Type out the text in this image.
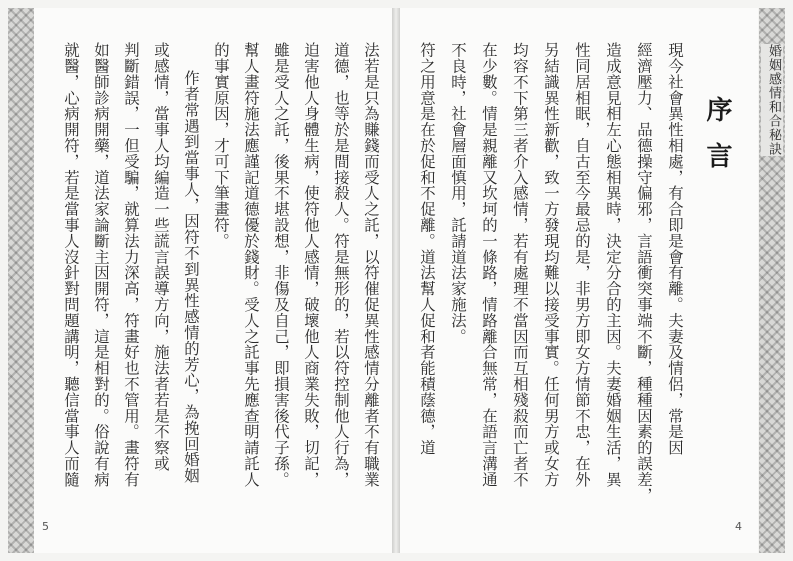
婚姻感情和合秘訣
序言
現今社會異性相處，有合即是會有離。夫妻及情侶，常是因
經濟壓力、品德操守偏邪，言語衝突事端不斷，種種因素的誤差，
造成意見相左心態相異時，決定分合的主因。夫妻婚姻生活，異
性同居相眠，自古至今最忌的是，非男方即女方情節不忠，在外
另結識異性新歡，致一方發現均難以接受事實。任何男方或女方
均容不下第三者介入感情，若有處理不當因而互相殘殺而亡者不
在少數。情是親離又坎坷的一條路，情路離合無常，在語言溝通
不良時，社會層面慎用，託請道法家施法。
符之用意是在於促和不促離。道法幫人促和者能積蔭德，道
4
法若是只為賺錢而受人之託，以符催促異性感情分離者不有職業
道德，也等於是間接殺人。符是無形的，若以符控制他人行為，
迫害他人身體生病，使符他人感情，破壞他人商業失敗，切記，
雖是受人之託，後果不堪設想，非傷及自己，即損害後代子孫。
幫人畫符施法應謹記道德優於錢財。受人之託事先應查明請託人
的事實原因，才可下筆畫符。
作者常遇到當事人，因符不到異性感情的芳心，為挽回婚姻
或感情，當事人均編造一些謊言誤導方向，施法者若是不察或
判斷錯誤，一但受騙，就算法力深高，符畫好也不管用。畫符有
如醫師診病開藥，道法家論斷主因開符，這是相對的。俗說有病
就醫，心病開符，若是當事人沒針對問題講明，聽信當事人而隨
5
